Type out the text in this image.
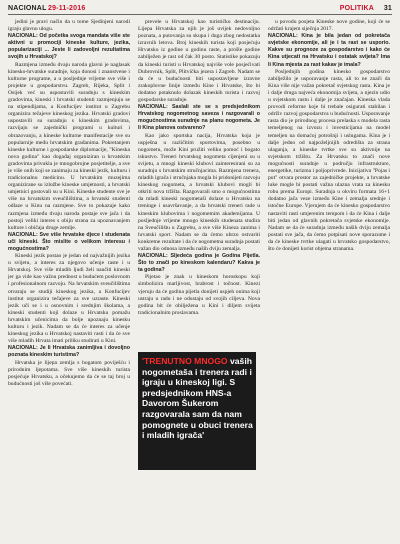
NACIONAL 29-11-2016	POLITIKA 31

jedini je pravi način da u tome Sjedinjeni narodi igraju glavnu ulogu.

NACIONAL: Od početka svoga mandata više ste aktivni u promociji kineske kulture, jezika, popularizaciji ... Jeste li zadovoljni rezultatima svojih u Hrvatskoj?

Razmjena između dvaju naroda glavni je naglasak kinesko-hrvatske suradnje, koja donosi i znanstvene i kulturne programe, a u posljednje vrijeme sve više i projekte u gospodarstvu. Zagreb, Rijeka, Split i Osijek već su uspostavili suradnju s kineskim gradovima, kineski i hrvatski studenti razmjenjuju se na stipendijama, a Konfucijev institut u Zagrebu organizira tečajeve kineskog jezika. Hrvatski gradovi uspostavili su suradnju s kineskim gradovima, razvijaju se zajednički programi u kulturi i obrazovanju, a kineske kulturne manifestacije sve su popularnije među hrvatskim građanima. Pokretanjem kineske kulturne i gospodarske diplomacije, "Kineska nova godina" kao događaj organiziran u hrvatskim gradovima privukla je mnogobrojne posjetitelje, a sve je više onih koji se zanimaju za kineski jezik, kulturu i tradicionalnu medicinu. U hrvatskim muzejima organizirane su izložbe kineske umjetnosti, a hrvatski umjetnici gostovali su u Kini. Kineske studente sve je više na hrvatskim sveučilištima, a hrvatski studenti odlaze u Kinu na razmjene. Sve to pokazuje kako razmjena između dvaju naroda postaje sve jača i da postoji veliki interes s obiju strana za upoznavanjem kulture i običaja druge zemlje.

NACIONAL: Sve više hrvatske djece i studenata uči kineski. Što mislite o velikom interesu i mogućnostima?

Kineski jezik postao je jedan od najvažnijih jezika u svijetu, a interes za njegovo učenje raste i u Hrvatskoj. Sve više mladih ljudi želi naučiti kineski jer ga vide kao važnu prednost u budućem poslovnom i profesionalnom razvoju. Na hrvatskim sveučilištima otvaraju se studiji kineskog jezika, a Konfucijev institut organizira tečajeve za sve uzraste. Kineski jezik uči se i u osnovnim i srednjim školama, a kineski studenti koji dolaze u Hrvatsku pomažu hrvatskim učenicima da bolje upoznaju kinesku kulturu i jezik. Nadam se da će interes za učenje kineskog jezika u Hrvatskoj nastaviti rasti i da će sve više mladih Hrvata imati priliku studirati u Kini.

NACIONAL: Je li Hrvatska zanimljiva i dovoljno poznata kineskim turistima?

Hrvatska je lijepa zemlja s bogatom poviješću i prirodnim ljepotama. Sve više kineskih turista posjećuje Hrvatsku, a očekujemo da će se taj broj u budućnosti još više povećati.

prevele u Hrvatskoj kao turističku destinaciju. Lijepa Hrvatska za njih je još uvijek nedovoljno poznata, a putovanja su skupa i duga zbog nedostatka izravnih letova. Broj kineskih turista koji posjećuju Hrvatsku iz godine u godinu raste, a prošle godine zabilježen je rast od čak 30 posto. Statistike pokazuju da kineski turisti u Hrvatskoj najviše vole posjećivati Dubrovnik, Split, Plitvička jezera i Zagreb. Nadam se da će u budućnosti biti uspostavljene izravne zrakoplovne linije između Kine i Hrvatske, što bi dodatno potaknulo dolazak kineskih turista i razvoj gospodarske suradnje.

NACIONAL: Saslali ste se s predsjednikom Hrvatskog nogometnog saveza i razgovarali o mogućnostima suradnje na planu nogometa. Je li Kina planova ostvareno?

Kao jako sportska nacija, Hrvatska koja je uspješna u različitim sportovima, posebno u nogometu, može Kini pružiti veliku pomoć i bogato iskustvo. Treneri hrvatskog nogometa cijenjeni su u svijetu, a mnogi kineski klubovi zainteresirani su za suradnju s hrvatskim stručnjacima. Razmjena trenera, mladih igrača i stručnjaka mogla bi pridonijeti razvoju kineskog nogometa, a hrvatski klubovi mogli bi otkriti nova tržišta. Razgovarali smo o mogućnostima da mladi kineski nogometaši dolaze u Hrvatsku na treninge i usavršavanje, a da hrvatski treneri rade u kineskim klubovima i nogometnim akademijama. U posljednje vrijeme mnogo kineskih studenata studira na Sveučilištu u Zagrebu, a sve više Kineza zanima i hrvatski sport. Nadam se da ćemo ubrzo ostvariti konkretne rezultate i da će nogometna suradnja postati važan dio odnosa između naših dviju zemalja.

NACIONAL: Sljedeća godina je Godina Pijetla. Što to znači po kineskom kalendaru? Kakva je ta godina?

Pijetao je znak u kineskom horoskopu koji simbolizira marljivost, hrabrost i točnost. Kinezi vjeruju da će godina pijetla donijeti uspjeh onima koji ustraju u radu i ne odustaju od svojih ciljeva. Nova godina bit će obilježena u Kini i diljem svijeta tradicionalnim proslavama.

u povodu posjeta Kineske nove godine, koji će se održati krajem siječnja 2017.

NACIONAL: Kina je bila jedan od pokretača svjetske ekonomije, ali je i ta rast se usporio. Kakve su prognoze za gospodarstvo i kako će Kina utjecati na Hrvatsku i ostatak svijeta? Ima li Kina mjesta za rast kakav je imala?

Posljednjih godina kinesko gospodarstvo zabilježilo je usporavanje rasta, ali to ne znači da Kina više nije važan pokretač svjetskog rasta. Kina je i dalje druga najveća ekonomija svijeta, a njezin udio u svjetskom rastu i dalje je značajan. Kineska vlada provodi reforme koje bi trebale osigurati stabilan i održiv razvoj gospodarstva u budućnosti. Usporavanje rasta dio je prirodnog procesa prelaska s modela rasta temeljenog na izvozu i investicijama na model temeljen na domaćoj potrošnji i uslugama. Kina je i dalje jedno od najpoželjnijih odredišta za strana ulaganja, a kineske tvrtke sve su aktivnije na svjetskom tržištu. Za Hrvatsku to znači nove mogućnosti suradnje u području infrastrukture, energetike, turizma i poljoprivrede. Inicijativa "Pojas i put" otvara prostor za zajedničke projekte, a hrvatske luke mogle bi postati važna ulazna vrata za kinesku robu prema Europi. Suradnja u okviru formata 16+1 dodatno jača veze između Kine i zemalja srednje i istočne Europe. Vjerujem da će kinesko gospodarstvo nastaviti rasti umjerenim tempom i da će Kina i dalje biti jedan od glavnih pokretača svjetske ekonomije. Nadam se da će suradnja između naših dviju zemalja postati sve jača, da ćemo potpisati nove sporazume i da će kineske tvrtke ulagati u hrvatsko gospodarstvo, što će donijeti korist objema stranama.

'TRENUTNO MNOGO vaših nogometaša i trenera radi i igraju u kineskoj ligi. S predsjednikom HNS-a Davorom Šukerom razgovarala sam da nam pomognete u obuci trenera i mladih igrača'
